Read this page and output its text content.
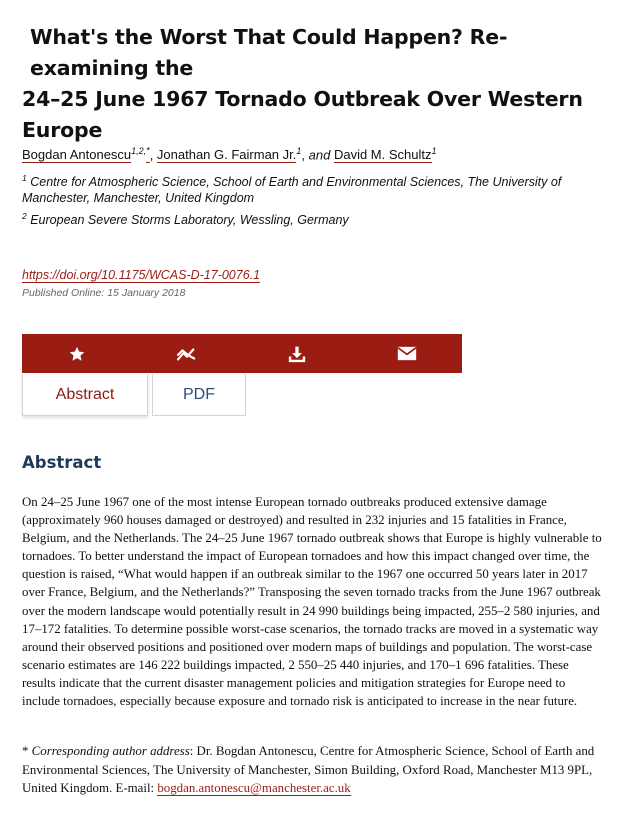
What's the Worst That Could Happen? Re-examining the
24–25 June 1967 Tornado Outbreak Over Western
Europe
Bogdan Antonescu$^{1,2,*}$, Jonathan G. Fairman Jr.$^1$, and David M. Schultz$^1$
$^1$ Centre for Atmospheric Science, School of Earth and Environmental Sciences, The University of Manchester, Manchester, United Kingdom
$^2$ European Severe Storms Laboratory, Wessling, Germany
https://doi.org/10.1175/WCAS-D-17-0076.1
Published Online: 15 January 2018
Abstract	PDF
Abstract
On 24–25 June 1967 one of the most intense European tornado outbreaks produced extensive damage (approximately 960 houses damaged or destroyed) and resulted in 232 injuries and 15 fatalities in France, Belgium, and the Netherlands. The 24–25 June 1967 tornado outbreak shows that Europe is highly vulnerable to tornadoes. To better understand the impact of European tornadoes and how this impact changed over time, the question is raised, “What would happen if an outbreak similar to the 1967 one occurred 50 years later in 2017 over France, Belgium, and the Netherlands?” Transposing the seven tornado tracks from the June 1967 outbreak over the modern landscape would potentially result in 24 990 buildings being impacted, 255–2 580 injuries, and 17–172 fatalities. To determine possible worst-case scenarios, the tornado tracks are moved in a systematic way around their observed positions and positioned over modern maps of buildings and population. The worst-case scenario estimates are 146 222 buildings impacted, 2 550–25 440 injuries, and 170–1 696 fatalities. These results indicate that the current disaster management policies and mitigation strategies for Europe need to include tornadoes, especially because exposure and tornado risk is anticipated to increase in the near future.
* Corresponding author address: Dr. Bogdan Antonescu, Centre for Atmospheric Science, School of Earth and Environmental Sciences, The University of Manchester, Simon Building, Oxford Road, Manchester M13 9PL, United Kingdom. E-mail: bogdan.antonescu@manchester.ac.uk
